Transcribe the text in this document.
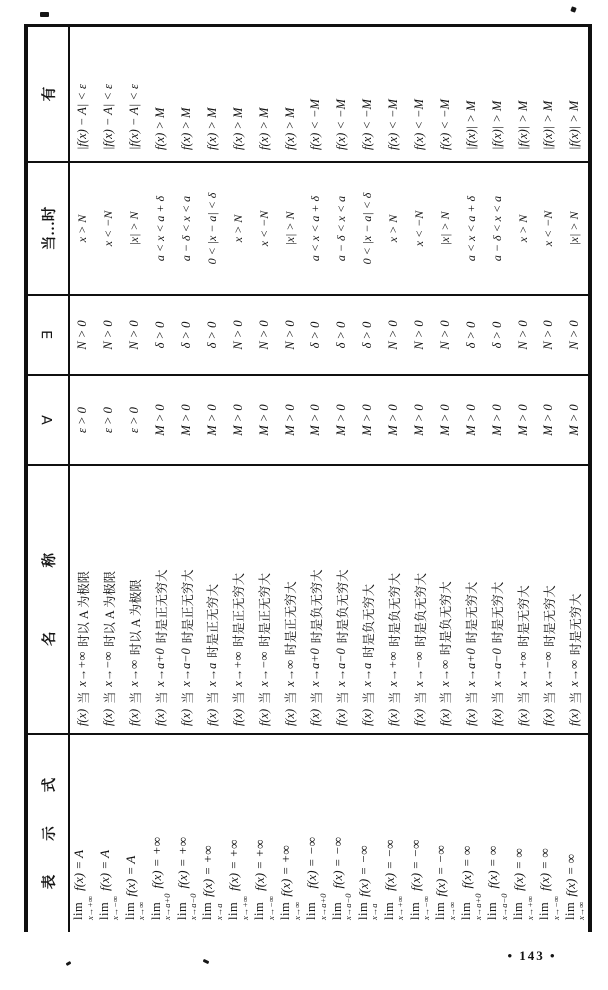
表示式
名称
∀
∃
当…时
有
lim x→+∞
f(x) = A
f(x)
当
x→+∞
时以 A 为极限
ε > 0
N > 0
x > N
|f(x) − A| < ε
lim x→−∞
f(x) = A
f(x)
当
x→−∞
时以 A 为极限
ε > 0
N > 0
x < −N
|f(x) − A| < ε
lim x→∞
f(x) = A
f(x)
当
x→∞
时以 A 为极限
ε > 0
N > 0
|x| > N
|f(x) − A| < ε
lim x→a+0
f(x) = +∞
f(x)
当
x→a+0
时是正无穷大
M > 0
δ > 0
a < x < a + δ
f(x) > M
lim x→a−0
f(x) = +∞
f(x)
当
x→a−0
时是正无穷大
M > 0
δ > 0
a − δ < x < a
f(x) > M
lim x→a
f(x) = +∞
f(x)
当
x→a
时是正无穷大
M > 0
δ > 0
0 < |x − a| < δ
f(x) > M
lim x→+∞
f(x) = +∞
f(x)
当
x→+∞
时是正无穷大
M > 0
N > 0
x > N
f(x) > M
lim x→−∞
f(x) = +∞
f(x)
当
x→−∞
时是正无穷大
M > 0
N > 0
x < −N
f(x) > M
lim x→∞
f(x) = +∞
f(x)
当
x→∞
时是正无穷大
M > 0
N > 0
|x| > N
f(x) > M
lim x→a+0
f(x) = −∞
f(x)
当
x→a+0
时是负无穷大
M > 0
δ > 0
a < x < a + δ
f(x) < −M
lim x→a−0
f(x) = −∞
f(x)
当
x→a−0
时是负无穷大
M > 0
δ > 0
a − δ < x < a
f(x) < −M
lim x→a
f(x) = −∞
f(x)
当
x→a
时是负无穷大
M > 0
δ > 0
0 < |x − a| < δ
f(x) < −M
lim x→+∞
f(x) = −∞
f(x)
当
x→+∞
时是负无穷大
M > 0
N > 0
x > N
f(x) < −M
lim x→−∞
f(x) = −∞
f(x)
当
x→−∞
时是负无穷大
M > 0
N > 0
x < −N
f(x) < −M
lim x→∞
f(x) = −∞
f(x)
当
x→∞
时是负无穷大
M > 0
N > 0
|x| > N
f(x) < −M
lim x→a+0
f(x) = ∞
f(x)
当
x→a+0
时是无穷大
M > 0
δ > 0
a < x < a + δ
|f(x)| > M
lim x→a−0
f(x) = ∞
f(x)
当
x→a−0
时是无穷大
M > 0
δ > 0
a − δ < x < a
|f(x)| > M
lim x→+∞
f(x) = ∞
f(x)
当
x→+∞
时是无穷大
M > 0
N > 0
x > N
|f(x)| > M
lim x→−∞
f(x) = ∞
f(x)
当
x→−∞
时是无穷大
M > 0
N > 0
x < −N
|f(x)| > M
lim x→∞
f(x) = ∞
f(x)
当
x→∞
时是无穷大
M > 0
N > 0
|x| > N
|f(x)| > M
• 143 •
